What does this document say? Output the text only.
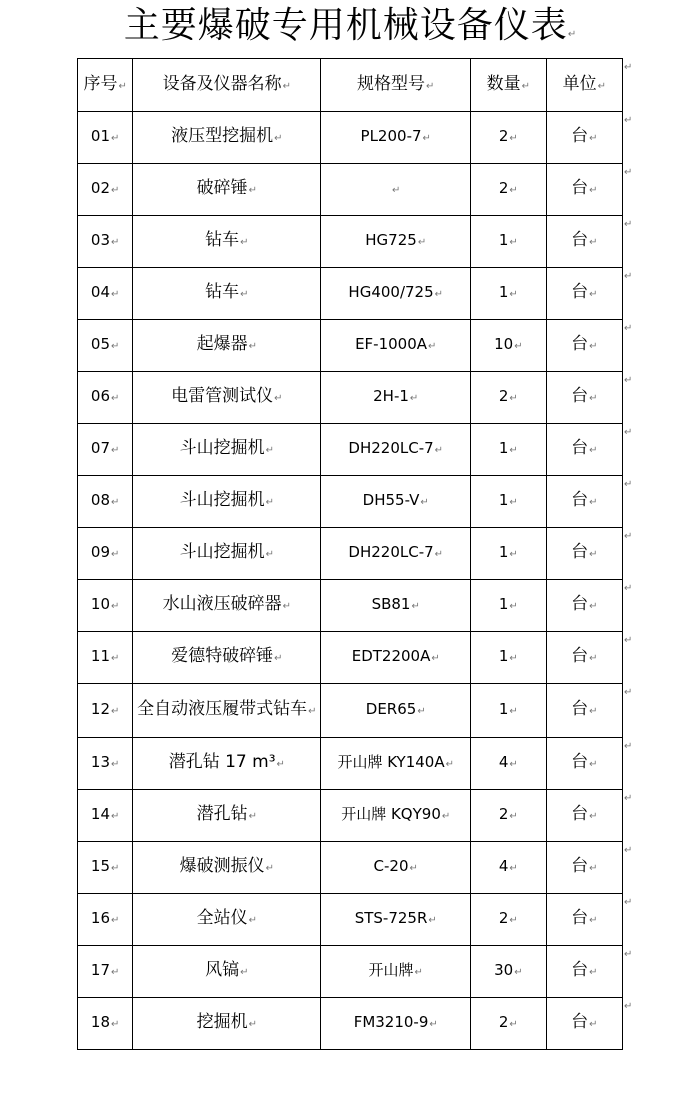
主要爆破专用机械设备仪表↵
序号↵	设备及仪器名称↵	规格型号↵	数量↵	单位↵
01↵	液压型挖掘机↵	PL200-7↵	2↵	台↵
02↵	破碎锤↵	↵	2↵	台↵
03↵	钻车↵	HG725↵	1↵	台↵
04↵	钻车↵	HG400/725↵	1↵	台↵
05↵	起爆器↵	EF-1000A↵	10↵	台↵
06↵	电雷管测试仪↵	2H-1↵	2↵	台↵
07↵	斗山挖掘机↵	DH220LC-7↵	1↵	台↵
08↵	斗山挖掘机↵	DH55-V↵	1↵	台↵
09↵	斗山挖掘机↵	DH220LC-7↵	1↵	台↵
10↵	水山液压破碎器↵	SB81↵	1↵	台↵
11↵	爱德特破碎锤↵	EDT2200A↵	1↵	台↵
12↵	全自动液压履带式钻车↵	DER65↵	1↵	台↵
13↵	潜孔钻 17 m³↵	开山牌 KY140A↵	4↵	台↵
14↵	潜孔钻↵	开山牌 KQY90↵	2↵	台↵
15↵	爆破测振仪↵	C-20↵	4↵	台↵
16↵	全站仪↵	STS-725R↵	2↵	台↵
17↵	风镐↵	开山牌↵	30↵	台↵
18↵	挖掘机↵	FM3210-9↵	2↵	台↵
↵
↵
↵
↵
↵
↵
↵
↵
↵
↵
↵
↵
↵
↵
↵
↵
↵
↵
↵
